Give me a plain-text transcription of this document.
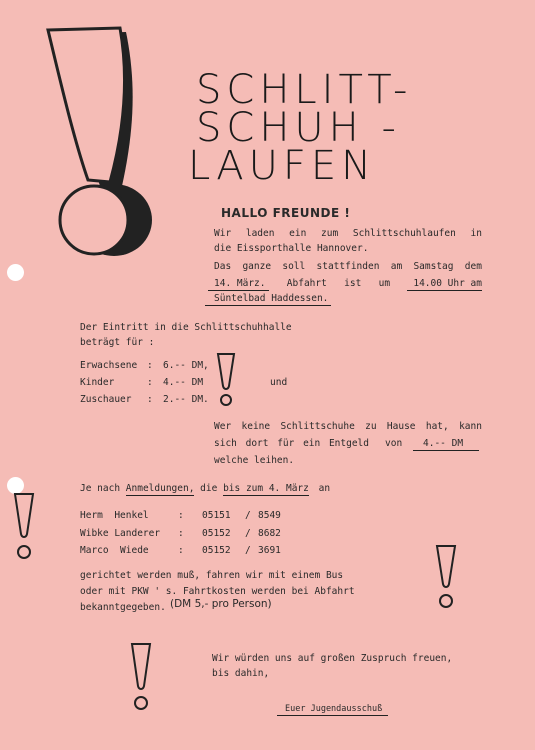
SCHLITT-
SCHUH -
LAUFEN
HALLO FREUNDE !
Wir laden ein zum Schlittschuhlaufen in
die Eissporthalle Hannover.
Das ganze soll stattfinden am Samstag dem
14. März.	Abfahrt ist um	14.00 Uhr am
Süntelbad Haddessen.
Der Eintritt in die Schlittschuhhalle
beträgt für :
Erwachsene : 6.-- DM,
Kinder	: 4.-- DM
Zuschauer : 2.-- DM.
und
Wer keine Schlittschuhe zu Hause hat, kann
sich dort für ein Entgeld von	4.-- DM
welche leihen.
Je nach Anmeldungen, die bis zum 4. März an
Herm  Henkel	: 05151 / 8549
Wibke Landerer : 05152 / 8682
Marco  Wiede	: 05152 / 3691
gerichtet werden muß, fahren wir mit einem Bus
oder mit PKW ' s. Fahrtkosten werden bei Abfahrt
bekanntgegeben. (DM 5,- pro Person)
Wir würden uns auf großen Zuspruch freuen,
bis dahin,
Euer Jugendausschuß
